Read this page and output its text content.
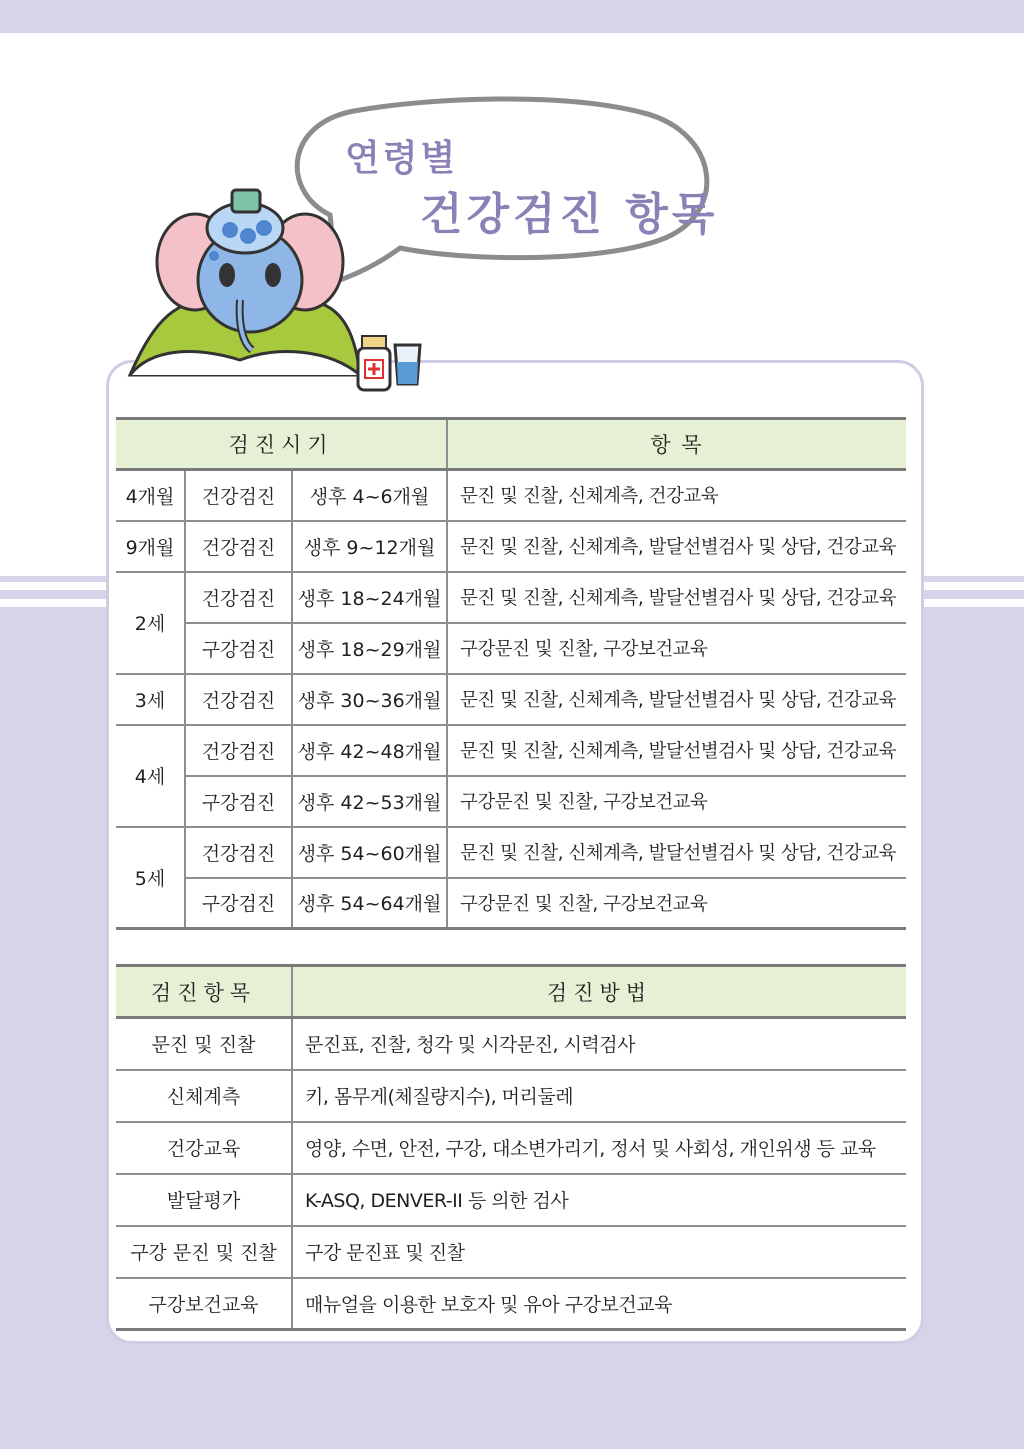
연령별
건강검진 항목
검진시기			항 목
4개월	건강검진	생후 4~6개월	문진 및 진찰, 신체계측, 건강교육
9개월	건강검진	생후 9~12개월	문진 및 진찰, 신체계측, 발달선별검사 및 상담, 건강교육
2세	건강검진	생후 18~24개월	문진 및 진찰, 신체계측, 발달선별검사 및 상담, 건강교육
	구강검진	생후 18~29개월	구강문진 및 진찰, 구강보건교육
3세	건강검진	생후 30~36개월	문진 및 진찰, 신체계측, 발달선별검사 및 상담, 건강교육
4세	건강검진	생후 42~48개월	문진 및 진찰, 신체계측, 발달선별검사 및 상담, 건강교육
	구강검진	생후 42~53개월	구강문진 및 진찰, 구강보건교육
5세	건강검진	생후 54~60개월	문진 및 진찰, 신체계측, 발달선별검사 및 상담, 건강교육
	구강검진	생후 54~64개월	구강문진 및 진찰, 구강보건교육
검진항목	검진방법
문진 및 진찰	문진표, 진찰, 청각 및 시각문진, 시력검사
신체계측	키, 몸무게(체질량지수), 머리둘레
건강교육	영양, 수면, 안전, 구강, 대소변가리기, 정서 및 사회성, 개인위생 등 교육
발달평가	K-ASQ, DENVER-II 등 의한 검사
구강 문진 및 진찰	구강 문진표 및 진찰
구강보건교육	매뉴얼을 이용한 보호자 및 유아 구강보건교육
